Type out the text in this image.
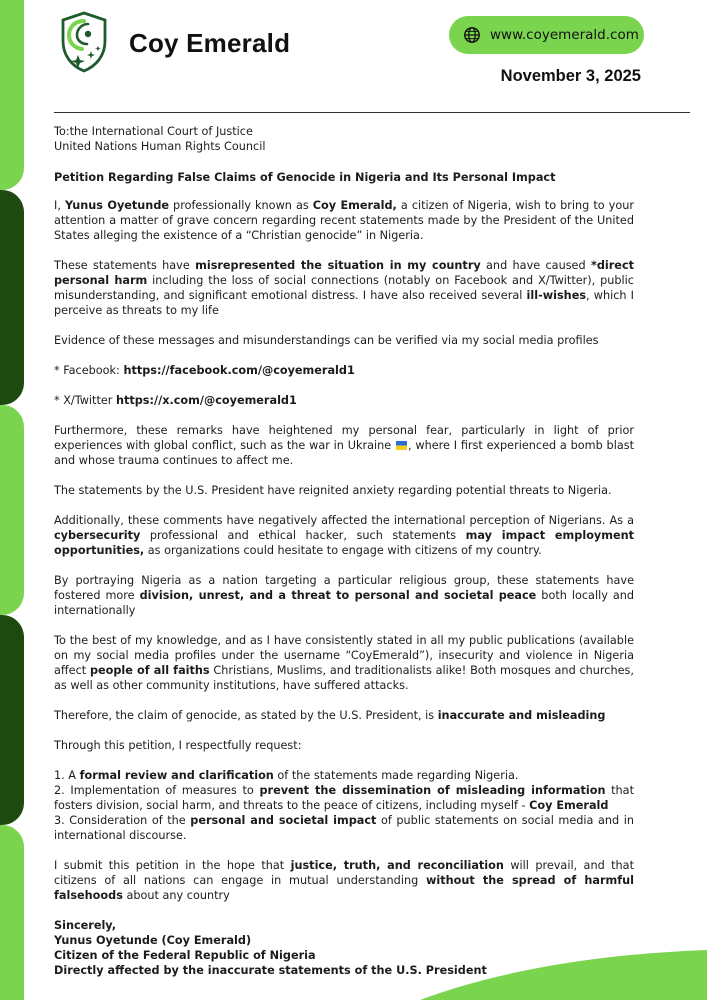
Coy Emerald	www.coyemerald.com
November 3, 2025

To:the International Court of Justice

United Nations Human Rights Council

Petition Regarding False Claims of Genocide in Nigeria and Its Personal Impact

I, Yunus Oyetunde professionally known as Coy Emerald, a citizen of Nigeria, wish to bring to your attention a matter of grave concern regarding recent statements made by the President of the United States alleging the existence of a “Christian genocide” in Nigeria.

These statements have misrepresented the situation in my country and have caused *direct personal harm including the loss of social connections (notably on Facebook and X/Twitter), public misunderstanding, and significant emotional distress. I have also received several ill-wishes, which I perceive as threats to my life

Evidence of these messages and misunderstandings can be verified via my social media profiles

* Facebook: https://facebook.com/@coyemerald1

* X/Twitter https://x.com/@coyemerald1

Furthermore, these remarks have heightened my personal fear, particularly in light of prior experiences with global conflict, such as the war in Ukraine , where I first experienced a bomb blast and whose trauma continues to affect me.

The statements by the U.S. President have reignited anxiety regarding potential threats to Nigeria.

Additionally, these comments have negatively affected the international perception of Nigerians. As a cybersecurity professional and ethical hacker, such statements may impact employment opportunities, as organizations could hesitate to engage with citizens of my country.

By portraying Nigeria as a nation targeting a particular religious group, these statements have fostered more division, unrest, and a threat to personal and societal peace both locally and internationally

To the best of my knowledge, and as I have consistently stated in all my public publications (available on my social media profiles under the username “CoyEmerald”), insecurity and violence in Nigeria affect people of all faiths Christians, Muslims, and traditionalists alike! Both mosques and churches, as well as other community institutions, have suffered attacks.

Therefore, the claim of genocide, as stated by the U.S. President, is inaccurate and misleading

Through this petition, I respectfully request:

1. A formal review and clarification of the statements made regarding Nigeria.

2. Implementation of measures to prevent the dissemination of misleading information that fosters division, social harm, and threats to the peace of citizens, including myself - Coy Emerald

3. Consideration of the personal and societal impact of public statements on social media and in international discourse.

I submit this petition in the hope that justice, truth, and reconciliation will prevail, and that citizens of all nations can engage in mutual understanding without the spread of harmful falsehoods about any country

Sincerely,

Yunus Oyetunde (Coy Emerald)

Citizen of the Federal Republic of Nigeria

Directly affected by the inaccurate statements of the U.S. President
